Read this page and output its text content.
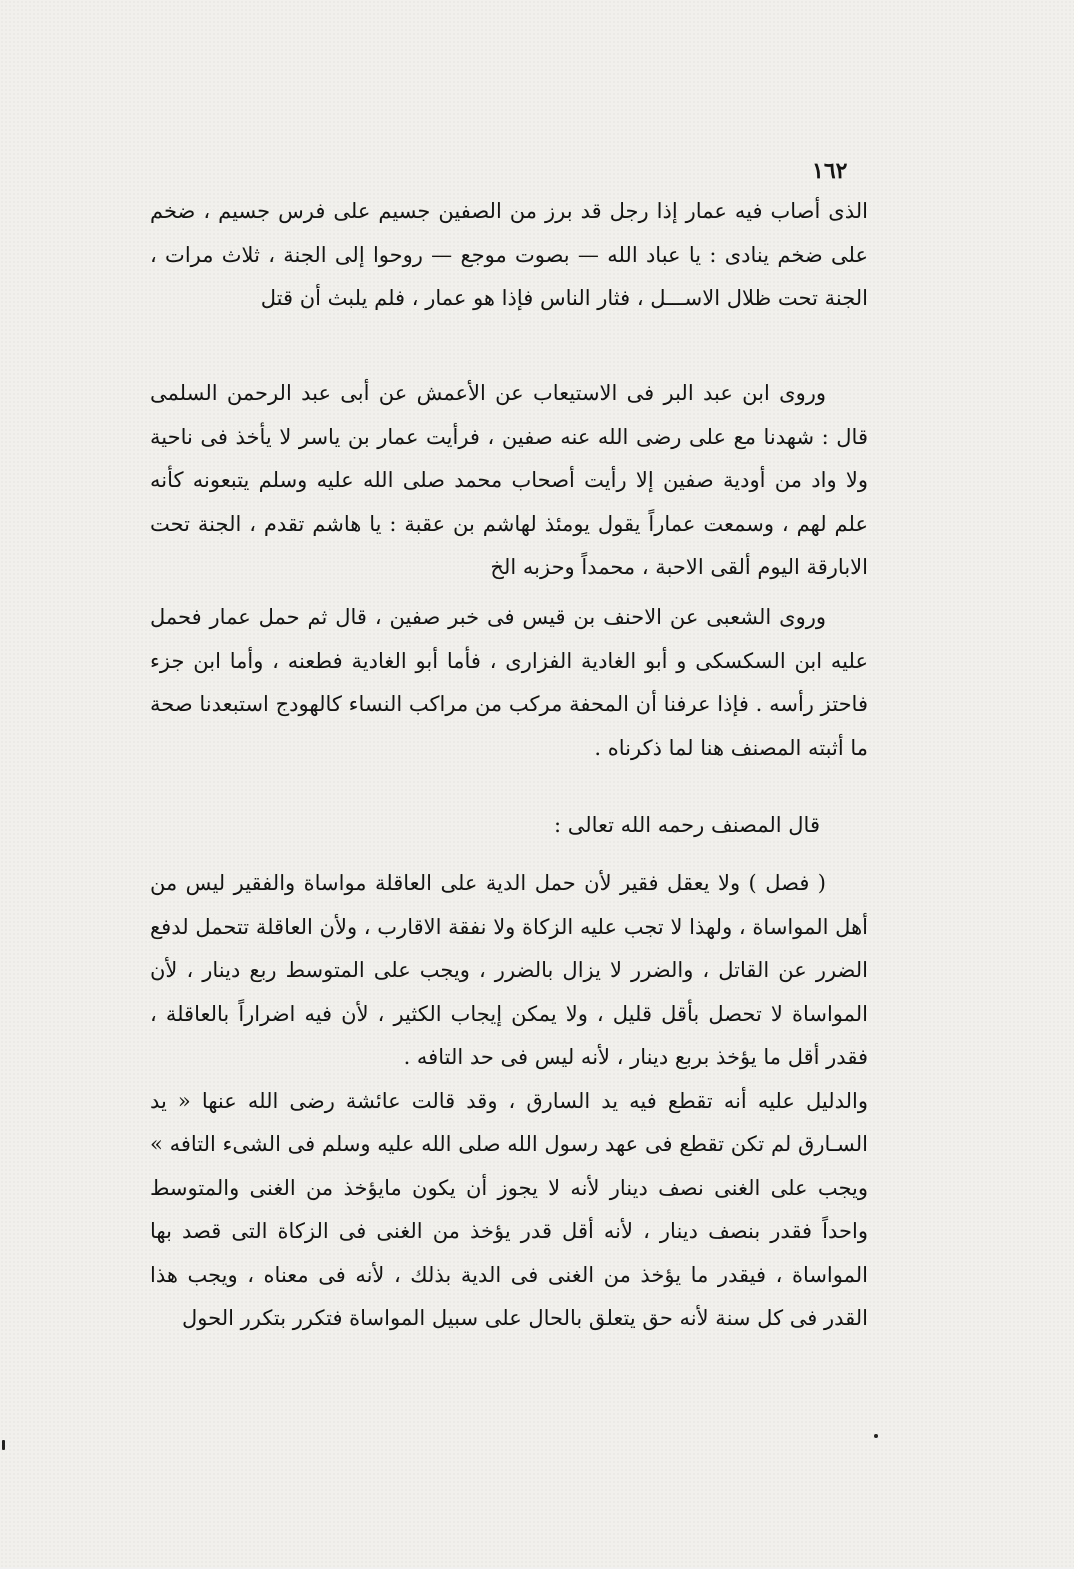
١٦٢

الذى أصاب فيه عمار إذا رجل قد برز من الصفين جسيم على فرس جسيم ، ضخم على ضخم ينادى : يا عباد الله — بصوت موجع — روحوا إلى الجنة ، ثلاث مرات ، الجنة تحت ظلال الاســـل ، فثار الناس فإذا هو عمار ، فلم يلبث أن قتل

وروى ابن عبد البر فى الاستيعاب عن الأعمش عن أبى عبد الرحمن السلمى قال : شهدنا مع على رضى الله عنه صفين ، فرأيت عمار بن ياسر لا يأخذ فى ناحية ولا واد من أودية صفين إلا رأيت أصحاب محمد صلى الله عليه وسلم يتبعونه كأنه علم لهم ، وسمعت عماراً يقول يومئذ لهاشم بن عقبة : يا هاشم تقدم ، الجنة تحت الابارقة اليوم ألقى الاحبة ، محمداً وحزبه الخ

وروى الشعبى عن الاحنف بن قيس فى خبر صفين ، قال ثم حمل عمار فحمل عليه ابن السكسكى و أبو الغادية الفزارى ، فأما أبو الغادية فطعنه ، وأما ابن جزء فاحتز رأسه . فإذا عرفنا أن المحفة مركب من مراكب النساء كالهودج استبعدنا صحة ما أثبته المصنف هنا لما ذكرناه .

قال المصنف رحمه الله تعالى :

( فصل ) ولا يعقل فقير لأن حمل الدية على العاقلة مواساة والفقير ليس من أهل المواساة ، ولهذا لا تجب عليه الزكاة ولا نفقة الاقارب ، ولأن العاقلة تتحمل لدفع الضرر عن القاتل ، والضرر لا يزال بالضرر ، ويجب على المتوسط ربع دينار ، لأن المواساة لا تحصل بأقل قليل ، ولا يمكن إيجاب الكثير ، لأن فيه اضراراً بالعاقلة ، فقدر أقل ما يؤخذ بربع دينار ، لأنه ليس فى حد التافه .

والدليل عليه أنه تقطع فيه يد السارق ، وقد قالت عائشة رضى الله عنها « يد السـارق لم تكن تقطع فى عهد رسول الله صلى الله عليه وسلم فى الشىء التافه » ويجب على الغنى نصف دينار لأنه لا يجوز أن يكون مايؤخذ من الغنى والمتوسط واحداً فقدر بنصف دينار ، لأنه أقل قدر يؤخذ من الغنى فى الزكاة التى قصد بها المواساة ، فيقدر ما يؤخذ من الغنى فى الدية بذلك ، لأنه فى معناه ، ويجب هذا القدر فى كل سنة لأنه حق يتعلق بالحال على سبيل المواساة فتكرر بتكرر الحول
